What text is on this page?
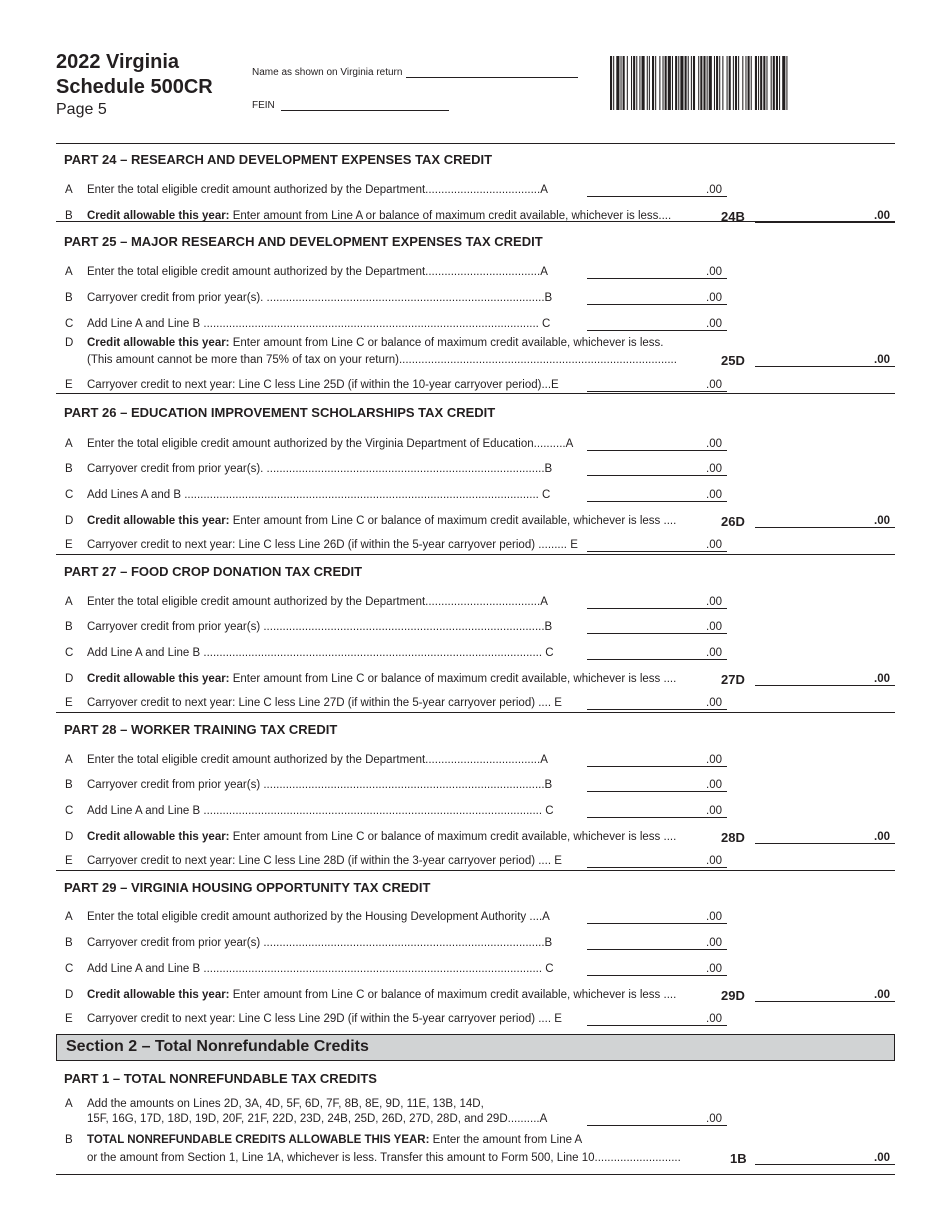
2022 Virginia
Schedule 500CR
Page 5
Name as shown on Virginia return
FEIN
PART 24 – RESEARCH AND DEVELOPMENT EXPENSES TAX CREDIT
A Enter the total eligible credit amount authorized by the Department....................................A	.00
B Credit allowable this year: Enter amount from Line A or balance of maximum credit available, whichever is less....	24B	.00
PART 25 – MAJOR RESEARCH AND DEVELOPMENT EXPENSES TAX CREDIT
A Enter the total eligible credit amount authorized by the Department....................................A	.00
B Carryover credit from prior year(s). .......................................................................................B	.00
C Add Line A and Line B ......................................................................................................... C	.00
D Credit allowable this year: Enter amount from Line C or balance of maximum credit available, whichever is less.
(This amount cannot be more than 75% of tax on your return).......................................................................................	25D	.00
E Carryover credit to next year: Line C less Line 25D (if within the 10-year carryover period)...E	.00
PART 26 – EDUCATION IMPROVEMENT SCHOLARSHIPS TAX CREDIT
A Enter the total eligible credit amount authorized by the Virginia Department of Education..........A	.00
B Carryover credit from prior year(s). .......................................................................................B	.00
C Add Lines A and B ............................................................................................................... C	.00
D Credit allowable this year: Enter amount from Line C or balance of maximum credit available, whichever is less ....	26D	.00
E Carryover credit to next year: Line C less Line 26D (if within the 5-year carryover period) ......... E	.00
PART 27 – FOOD CROP DONATION TAX CREDIT
A Enter the total eligible credit amount authorized by the Department....................................A	.00
B Carryover credit from prior year(s) ........................................................................................B	.00
C Add Line A and Line B .......................................................................................................... C	.00
D Credit allowable this year: Enter amount from Line C or balance of maximum credit available, whichever is less ....	27D	.00
E Carryover credit to next year: Line C less Line 27D (if within the 5-year carryover period) .... E	.00
PART 28 – WORKER TRAINING TAX CREDIT
A Enter the total eligible credit amount authorized by the Department....................................A	.00
B Carryover credit from prior year(s) ........................................................................................B	.00
C Add Line A and Line B .......................................................................................................... C	.00
D Credit allowable this year: Enter amount from Line C or balance of maximum credit available, whichever is less ....	28D	.00
E Carryover credit to next year: Line C less Line 28D (if within the 3-year carryover period) .... E	.00
PART 29 – VIRGINIA HOUSING OPPORTUNITY TAX CREDIT
A Enter the total eligible credit amount authorized by the Housing Development Authority ....A	.00
B Carryover credit from prior year(s) ........................................................................................B	.00
C Add Line A and Line B .......................................................................................................... C	.00
D Credit allowable this year: Enter amount from Line C or balance of maximum credit available, whichever is less ....	29D	.00
E Carryover credit to next year: Line C less Line 29D (if within the 5-year carryover period) .... E	.00
Section 2 – Total Nonrefundable Credits
PART 1 – TOTAL NONREFUNDABLE TAX CREDITS
A Add the amounts on Lines 2D, 3A, 4D, 5F, 6D, 7F, 8B, 8E, 9D, 11E, 13B, 14D,
15F, 16G, 17D, 18D, 19D, 20F, 21F, 22D, 23D, 24B, 25D, 26D, 27D, 28D, and 29D..........A	.00
B TOTAL NONREFUNDABLE CREDITS ALLOWABLE THIS YEAR: Enter the amount from Line A
or the amount from Section 1, Line 1A, whichever is less. Transfer this amount to Form 500, Line 10...........................	1B	.00
